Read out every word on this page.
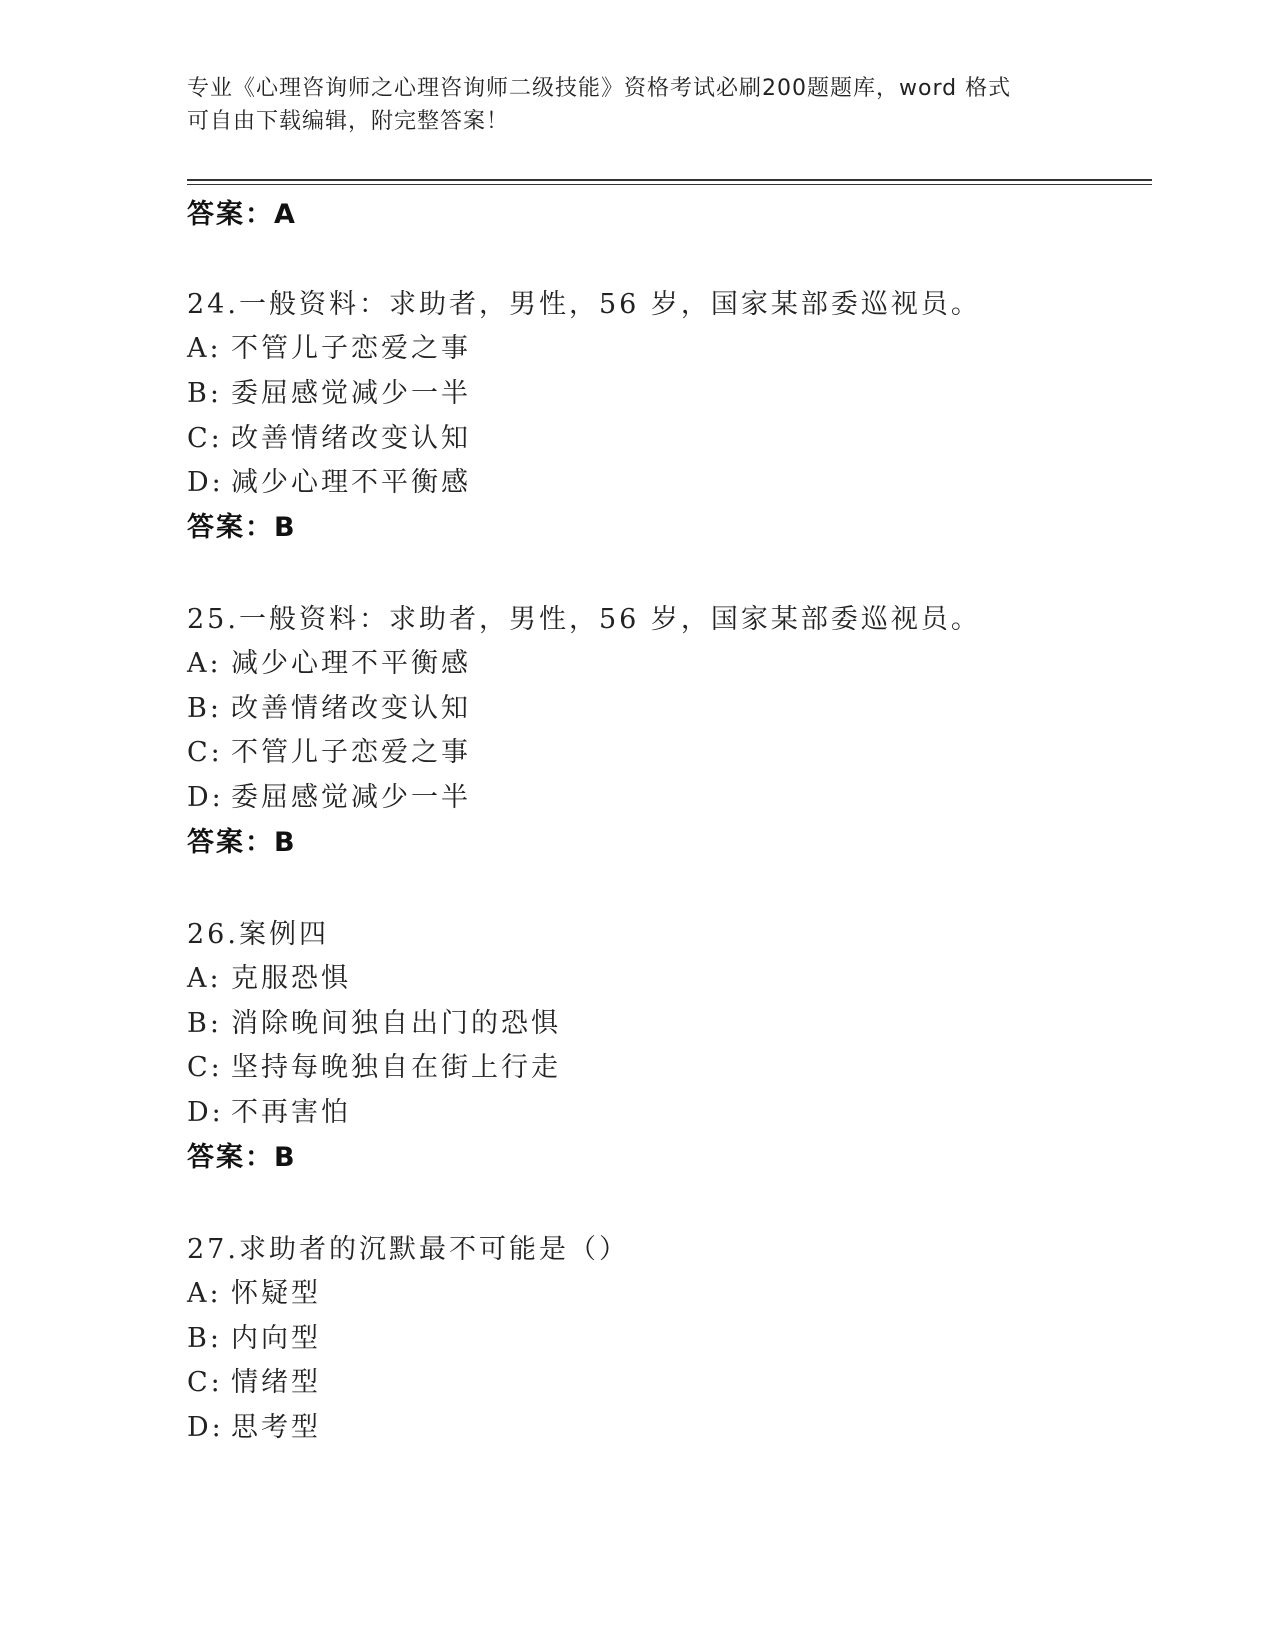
专业《心理咨询师之心理咨询师二级技能》资格考试必刷200题题库，word 格式
可自由下载编辑，附完整答案！
答案：A
24.一般资料：求助者，男性，56 岁，国家某部委巡视员。
A: 不管儿子恋爱之事
B: 委屈感觉减少一半
C: 改善情绪改变认知
D: 减少心理不平衡感
答案：B
25.一般资料：求助者，男性，56 岁，国家某部委巡视员。
A: 减少心理不平衡感
B: 改善情绪改变认知
C: 不管儿子恋爱之事
D: 委屈感觉减少一半
答案：B
26.案例四
A: 克服恐惧
B: 消除晚间独自出门的恐惧
C: 坚持每晚独自在街上行走
D: 不再害怕
答案：B
27.求助者的沉默最不可能是（）
A: 怀疑型
B: 内向型
C: 情绪型
D: 思考型
